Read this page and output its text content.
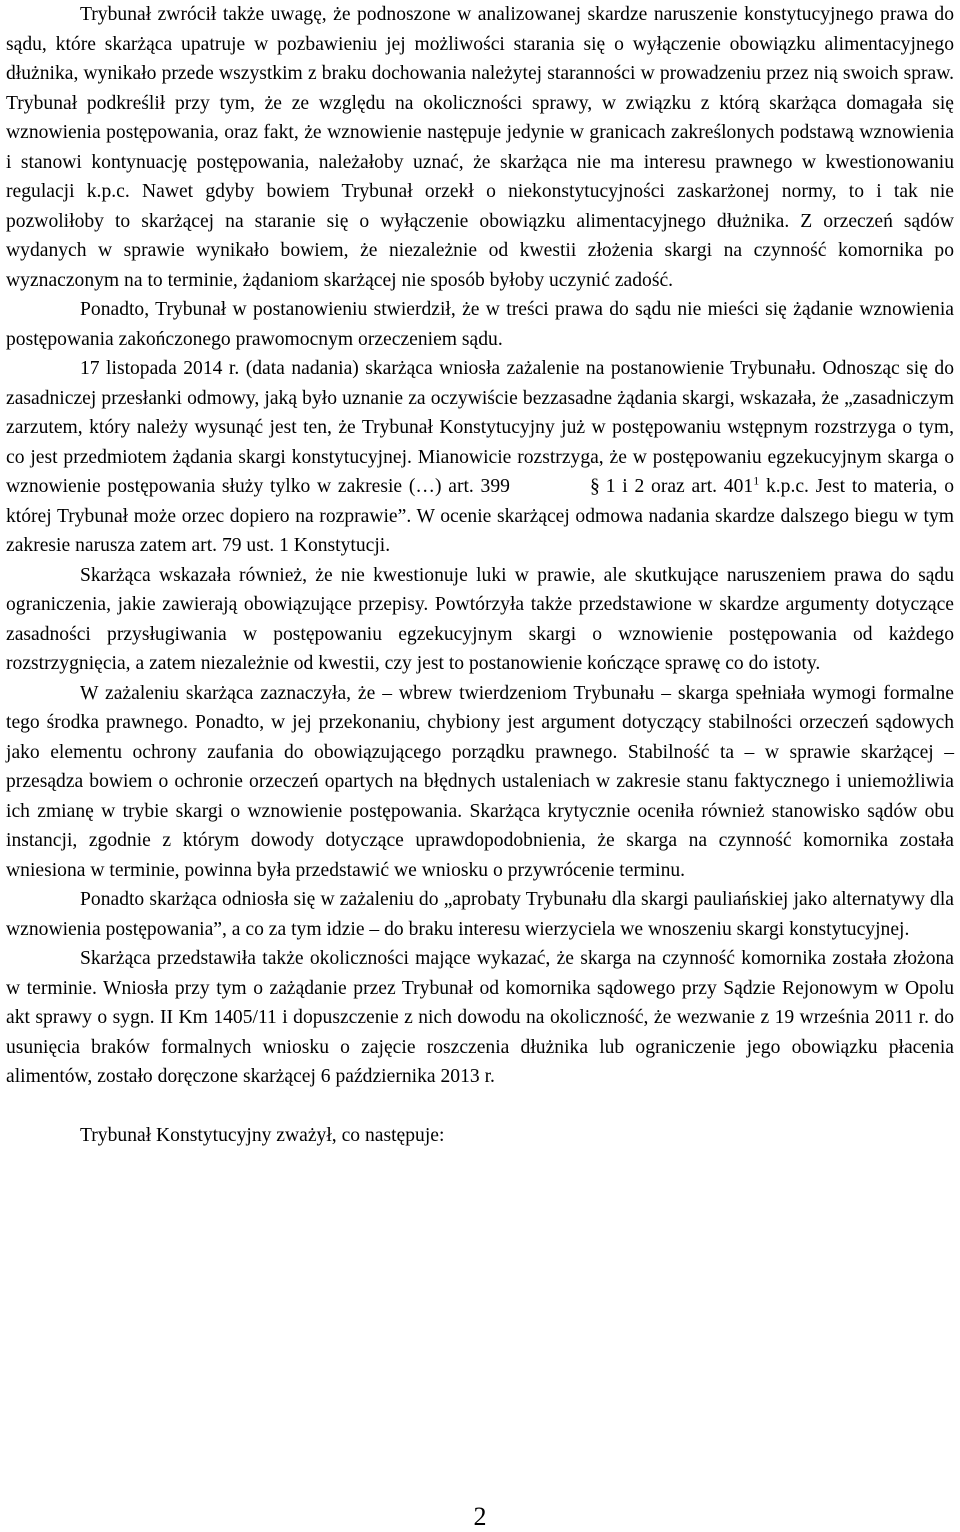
Trybunał zwrócił także uwagę, że podnoszone w analizowanej skardze naruszenie konstytucyjnego prawa do sądu, które skarżąca upatruje w pozbawieniu jej możliwości starania się o wyłączenie obowiązku alimentacyjnego dłużnika, wynikało przede wszystkim z braku dochowania należytej staranności w prowadzeniu przez nią swoich spraw. Trybunał podkreślił przy tym, że ze względu na okoliczności sprawy, w związku z którą skarżąca domagała się wznowienia postępowania, oraz fakt, że wznowienie następuje jedynie w granicach zakreślonych podstawą wznowienia i stanowi kontynuację postępowania, należałoby uznać, że skarżąca nie ma interesu prawnego w kwestionowaniu regulacji k.p.c. Nawet gdyby bowiem Trybunał orzekł o niekonstytucyjności zaskarżonej normy, to i tak nie pozwoliłoby to skarżącej na staranie się o wyłączenie obowiązku alimentacyjnego dłużnika. Z orzeczeń sądów wydanych w sprawie wynikało bowiem, że niezależnie od kwestii złożenia skargi na czynność komornika po wyznaczonym na to terminie, żądaniom skarżącej nie sposób byłoby uczynić zadość.

Ponadto, Trybunał w postanowieniu stwierdził, że w treści prawa do sądu nie mieści się żądanie wznowienia postępowania zakończonego prawomocnym orzeczeniem sądu.

17 listopada 2014 r. (data nadania) skarżąca wniosła zażalenie na postanowienie Trybunału. Odnosząc się do zasadniczej przesłanki odmowy, jaką było uznanie za oczywiście bezzasadne żądania skargi, wskazała, że „zasadniczym zarzutem, który należy wysunąć jest ten, że Trybunał Konstytucyjny już w postępowaniu wstępnym rozstrzyga o tym, co jest przedmiotem żądania skargi konstytucyjnej. Mianowicie rozstrzyga, że w postępowaniu egzekucyjnym skarga o wznowienie postępowania służy tylko w zakresie (…) art. 399	§ 1 i 2 oraz art. $401^1$ k.p.c. Jest to materia, o której Trybunał może orzec dopiero na rozprawie”. W ocenie skarżącej odmowa nadania skardze dalszego biegu w tym zakresie narusza zatem art. 79 ust. 1 Konstytucji.

Skarżąca wskazała również, że nie kwestionuje luki w prawie, ale skutkujące naruszeniem prawa do sądu ograniczenia, jakie zawierają obowiązujące przepisy. Powtórzyła także przedstawione w skardze argumenty dotyczące zasadności przysługiwania w postępowaniu egzekucyjnym skargi o wznowienie postępowania od każdego rozstrzygnięcia, a zatem niezależnie od kwestii, czy jest to postanowienie kończące sprawę co do istoty.

W zażaleniu skarżąca zaznaczyła, że – wbrew twierdzeniom Trybunału – skarga spełniała wymogi formalne tego środka prawnego. Ponadto, w jej przekonaniu, chybiony jest argument dotyczący stabilności orzeczeń sądowych jako elementu ochrony zaufania do obowiązującego porządku prawnego. Stabilność ta – w sprawie skarżącej – przesądza bowiem o ochronie orzeczeń opartych na błędnych ustaleniach w zakresie stanu faktycznego i uniemożliwia ich zmianę w trybie skargi o wznowienie postępowania. Skarżąca krytycznie oceniła również stanowisko sądów obu instancji, zgodnie z którym dowody dotyczące uprawdopodobnienia, że skarga na czynność komornika została wniesiona w terminie, powinna była przedstawić we wniosku o przywrócenie terminu.

Ponadto skarżąca odniosła się w zażaleniu do „aprobaty Trybunału dla skargi pauliańskiej jako alternatywy dla wznowienia postępowania”, a co za tym idzie – do braku interesu wierzyciela we wnoszeniu skargi konstytucyjnej.

Skarżąca przedstawiła także okoliczności mające wykazać, że skarga na czynność komornika została złożona w terminie. Wniosła przy tym o zażądanie przez Trybunał od komornika sądowego przy Sądzie Rejonowym w Opolu akt sprawy o sygn. II Km 1405/11 i dopuszczenie z nich dowodu na okoliczność, że wezwanie z 19 września 2011 r. do usunięcia braków formalnych wniosku o zajęcie roszczenia dłużnika lub ograniczenie jego obowiązku płacenia alimentów, zostało doręczone skarżącej 6 października 2013 r.

Trybunał Konstytucyjny zważył, co następuje:

2
